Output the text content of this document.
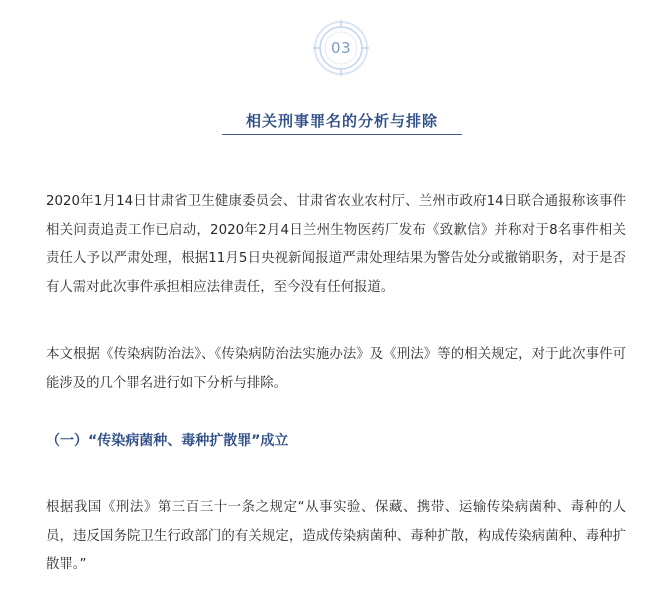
03
相关刑事罪名的分析与排除

2020年1月14日甘肃省卫生健康委员会、甘肃省农业农村厅、兰州市政府14日联合通报称该事件相关问责追责工作已启动，2020年2月4日兰州生物医药厂发布《致歉信》并称对于8名事件相关责任人予以严肃处理，根据11月5日央视新闻报道严肃处理结果为警告处分或撤销职务，对于是否有人需对此次事件承担相应法律责任，至今没有任何报道。

本文根据《传染病防治法》、《传染病防治法实施办法》及《刑法》等的相关规定，对于此次事件可能涉及的几个罪名进行如下分析与排除。

（一）“传染病菌种、毒种扩散罪”成立

根据我国《刑法》第三百三十一条之规定“从事实验、保藏、携带、运输传染病菌种、毒种的人员，违反国务院卫生行政部门的有关规定，造成传染病菌种、毒种扩散，构成传染病菌种、毒种扩散罪。”
